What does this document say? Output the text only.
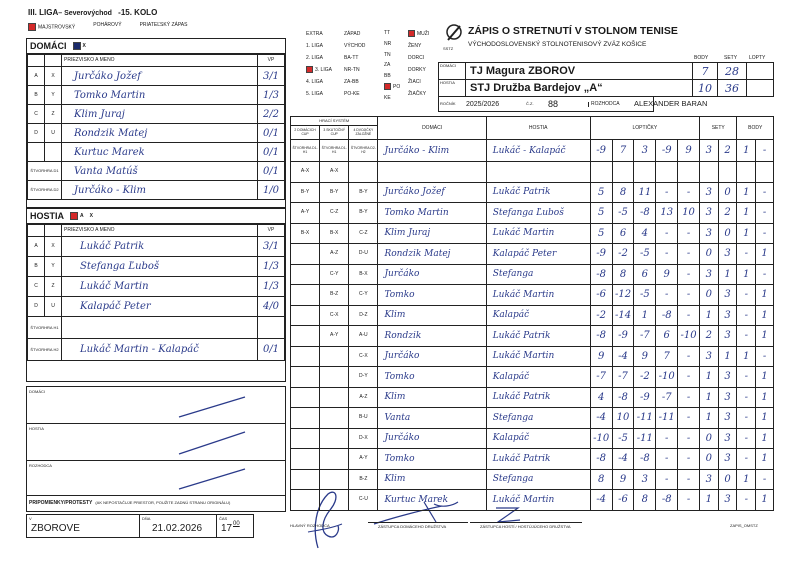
III. LIGA– Severovýchod -15. KOLO
MAJSTROVSKÝ	POHÁROVÝ	PRIATEĽSKÝ ZÁPAS
DOMÁCI	X
		PRIEZVISKO A MENO	VP
A	X	Jurčáko Jožef	3/1
B	Y	Tomko Martin	1/3
C	Z	Klim Juraj	2/2
D	U	Rondzik Matej	0/1
		Kurtuc Marek	0/1
ŠTVORHRA D1		Vanta Matúš	0/1
ŠTVORHRA D2		Jurčáko - Klim	1/0
HOSTIA	A X
		PRIEZVISKO A MENO	VP
A	X	Lukáč Patrik	3/1
B	Y	Stefanga Ľuboš	1/3
C	Z	Lukáč Martin	1/3
D	U	Kalapáč Peter	4/0
ŠTVORHRA H1			
ŠTVORHRA H2		Lukáč Martin - Kalapáč	0/1
DOMÁCI
HOSTIA
ROZHODCA
PRIPOMIENKY/PROTESTY (AK NEPOSTAČUJE PRIESTOR, POUŽITE ZADNÚ STRANU ORIGINÁLU)
V
ZBOROVE
DŇA
21.02.2026
ČAS
17 00	HLAVNÝ ROZHODCA	ZÁSTUPCA DOMÁCEHO DRUŽSTVA	ZÁSTUPCA HOSTÍ / HOSTÚJÚCEHO DRUŽSTVA	ZAPIS_OMSTZ
EXTRA
1. LIGA
2. LIGA
3. LIGA
4. LIGA
5. LIGA
ZÁPAD
VÝCHOD
BA-TT
NR-TN
ZA-BB
PO-KE
TT
NR
TN
ZA
BB
PO
KE
MUŽI
ŽENY
DORCI
DORKY
ŽIACI
ŽIAČKY
SSTZ
ZÁPIS O STRETNUTÍ V STOLNOM TENISE
VÝCHODOSLOVENSKÝ STOLNOTENISOVÝ ZVÄZ KOŠICE
BODY	SETY LOPTY
DOMÁCI	TJ Magura ZBOROV	7	28	

HOSTIA	STJ Družba Bardejov „A“	10	36	
ROČNÍK	2025/2026	Č.Z.	88	ROZHODCA	ALEXANDER BARAN
HRACÍ SYSTÉM			DOMÁCI	HOSTIA	LOPTIČKY					SETY		BODY	
2 DOMÁCICH CUP	3 SKUTOČNÝ CUP	4 DVOJIČKY ZÁLOŽNÉ											
ŠTVORHRA D1-H1	ŠTVORHRA D1-H1	ŠTVORHRA D2-H2	Jurčáko - Klim	Lukáč - Kalapáč	-9	7	3	-9	9	3	2	1	-
A-X	A-X												
B-Y	B-Y	B-Y	Jurčáko Jožef	Lukáč Patrik	5	8	11	-	-	3	0	1	-
A-Y	C-Z	B-Y	Tomko Martin	Stefanga Ľuboš	5	-5	-8	13	10	3	2	1	-
B-X	B-X	C-Z	Klim Juraj	Lukáč Martin	5	6	4	-	-	3	0	1	-
	A-Z	D-U	Rondzik Matej	Kalapáč Peter	-9	-2	-5	-	-	0	3	-	1
	C-Y	B-X	Jurčáko	Stefanga	-8	8	6	9	-	3	1	1	-
	B-Z	C-Y	Tomko	Lukáč Martin	-6	-12	-5	-	-	0	3	-	1
	C-X	D-Z	Klim	Kalapáč	-2	-14	1	-8	-	1	3	-	1
	A-Y	A-U	Rondzik	Lukáč Patrik	-8	-9	-7	6	-10	2	3	-	1
		C-X	Jurčáko	Lukáč Martin	9	-4	9	7	-	3	1	1	-
		D-Y	Tomko	Kalapáč	-7	-7	-2	-10	-	1	3	-	1
		A-Z	Klim	Lukáč Patrik	4	-8	-9	-7	-	1	3	-	1
		B-U	Vanta	Stefanga	-4	10	-11	-11	-	1	3	-	1
		D-X	Jurčáko	Kalapáč	-10	-5	-11	-	-	0	3	-	1
		A-Y	Tomko	Lukáč Patrik	-8	-4	-8	-	-	0	3	-	1
		B-Z	Klim	Stefanga	8	9	3	-	-	3	0	1	-
		C-U	Kurtuc Marek	Lukáč Martin	-4	-6	8	-8	-	1	3	-	1
